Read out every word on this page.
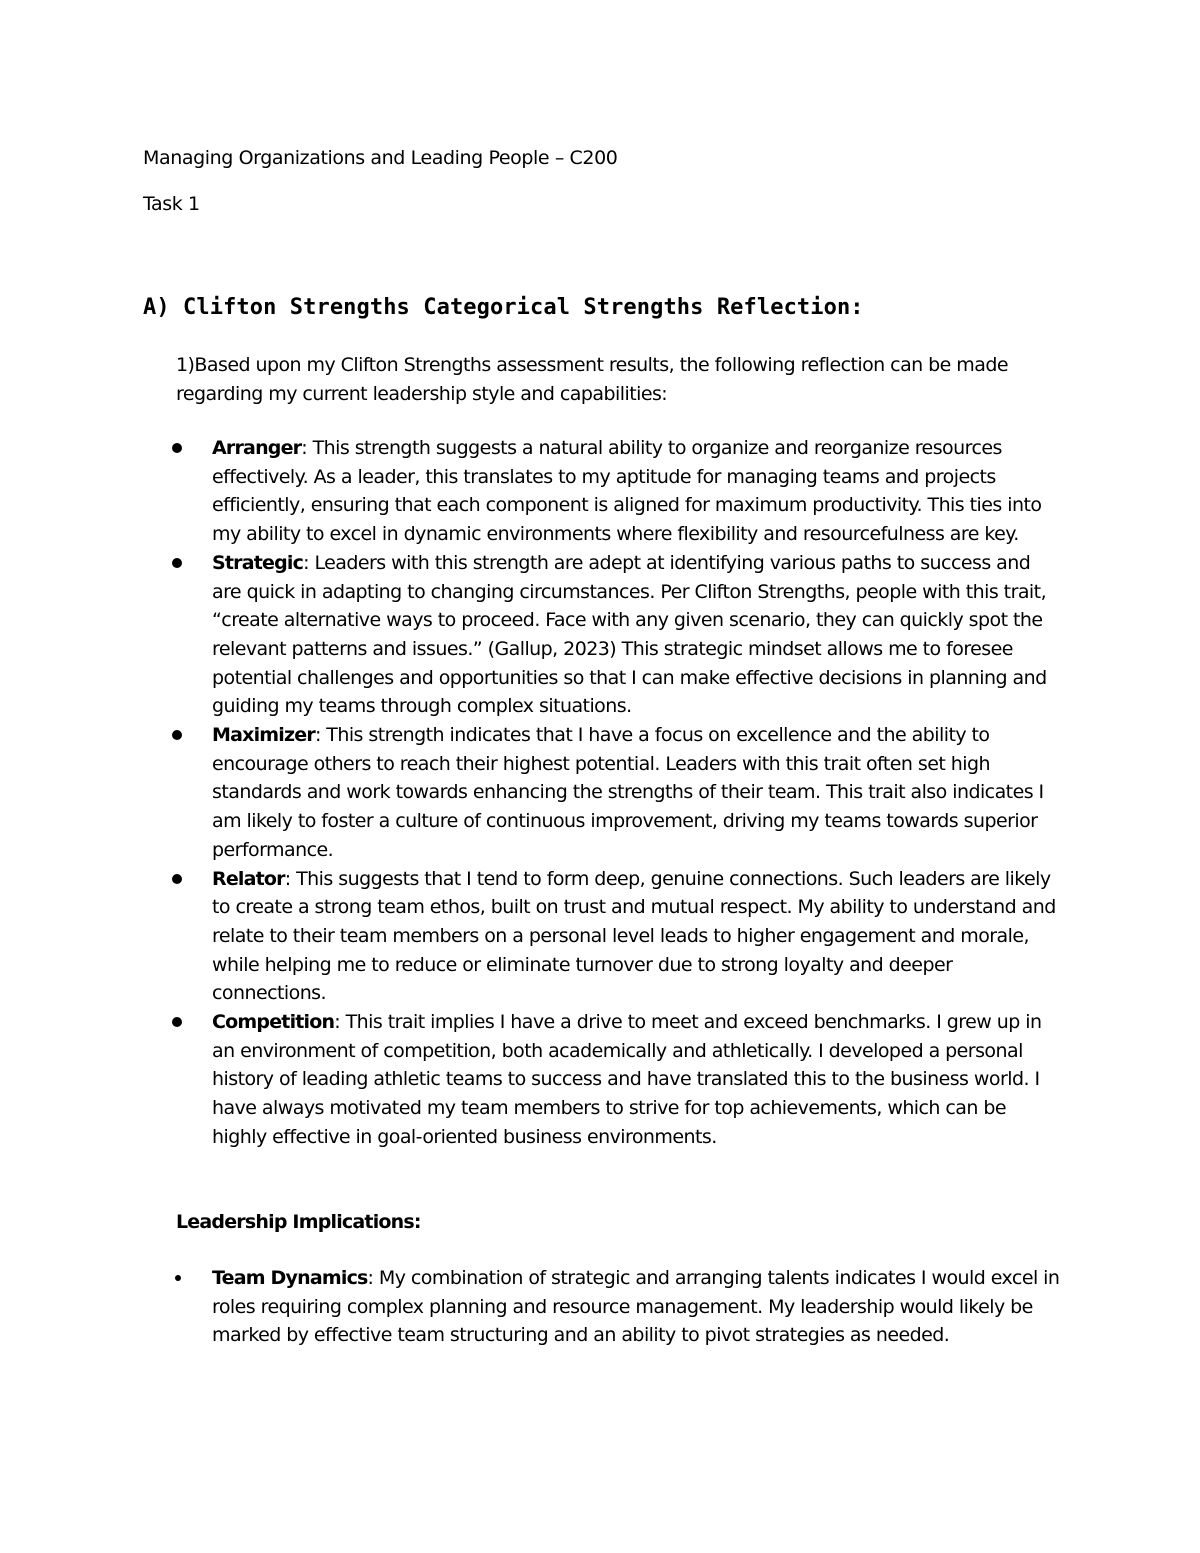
Managing Organizations and Leading People – C200
Task 1
A) Clifton Strengths Categorical Strengths Reflection:

1)Based upon my Clifton Strengths assessment results, the following reflection can be made regarding my current leadership style and capabilities:

Arranger: This strength suggests a natural ability to organize and reorganize resources effectively. As a leader, this translates to my aptitude for managing teams and projects efficiently, ensuring that each component is aligned for maximum productivity. This ties into my ability to excel in dynamic environments where flexibility and resourcefulness are key.
Strategic: Leaders with this strength are adept at identifying various paths to success and are quick in adapting to changing circumstances. Per Clifton Strengths, people with this trait, “create alternative ways to proceed. Face with any given scenario, they can quickly spot the relevant patterns and issues.” (Gallup, 2023) This strategic mindset allows me to foresee potential challenges and opportunities so that I can make effective decisions in planning and guiding my teams through complex situations.
Maximizer: This strength indicates that I have a focus on excellence and the ability to encourage others to reach their highest potential. Leaders with this trait often set high standards and work towards enhancing the strengths of their team. This trait also indicates I am likely to foster a culture of continuous improvement, driving my teams towards superior performance.
Relator: This suggests that I tend to form deep, genuine connections. Such leaders are likely to create a strong team ethos, built on trust and mutual respect. My ability to understand and relate to their team members on a personal level leads to higher engagement and morale, while helping me to reduce or eliminate turnover due to strong loyalty and deeper connections.
Competition: This trait implies I have a drive to meet and exceed benchmarks. I grew up in an environment of competition, both academically and athletically. I developed a personal history of leading athletic teams to success and have translated this to the business world. I have always motivated my team members to strive for top achievements, which can be highly effective in goal-oriented business environments.
Leadership Implications:
Team Dynamics: My combination of strategic and arranging talents indicates I would excel in roles requiring complex planning and resource management. My leadership would likely be marked by effective team structuring and an ability to pivot strategies as needed.
